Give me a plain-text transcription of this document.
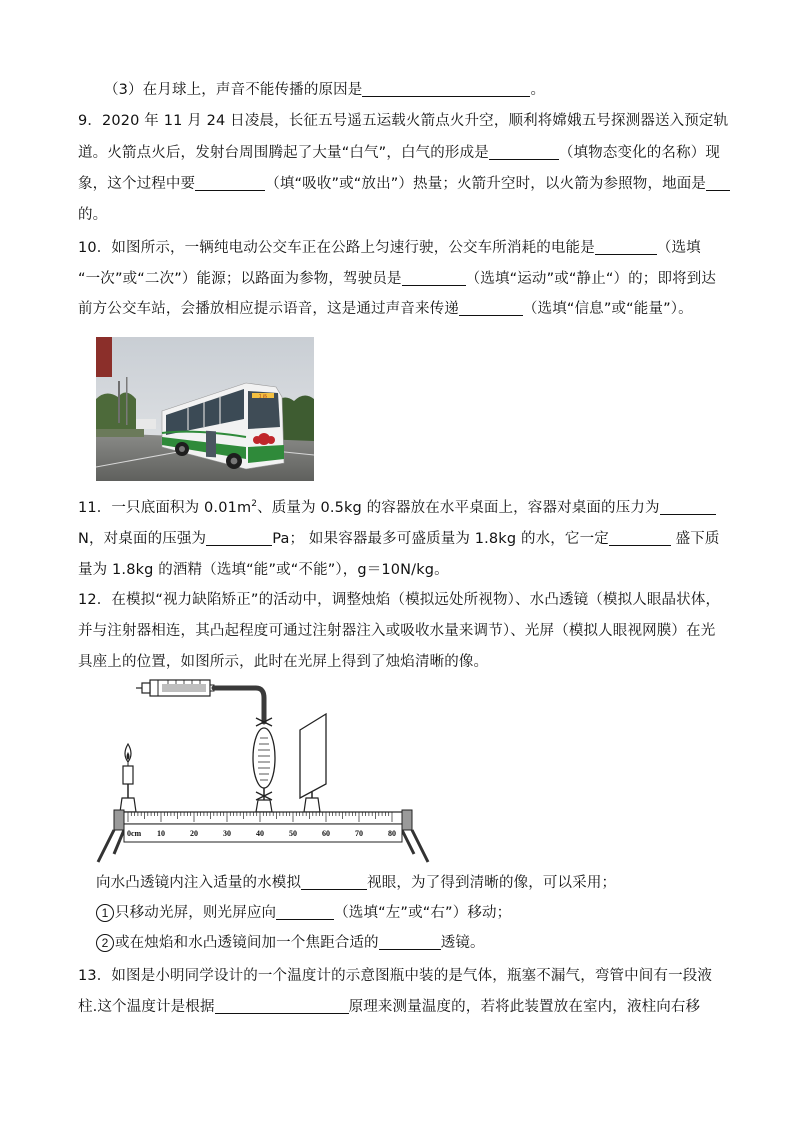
（3）在月球上，声音不能传播的原因是	。
9．2020 年 11 月 24 日凌晨，长征五号遥五运载火箭点火升空，顺利将嫦娥五号探测器送入预定轨
道。火箭点火后，发射台周围腾起了大量“白气”，白气的形成是	（填物态变化的名称）现
象，这个过程中要	（填“吸收”或“放出”）热量；火箭升空时，以火箭为参照物，地面是
的。
10．如图所示，一辆纯电动公交车正在公路上匀速行驶，公交车所消耗的电能是	（选填
“一次”或“二次”）能源；以路面为参物，驾驶员是	（选填“运动”或“静止“）的；即将到达
前方公交车站，会播放相应提示语音，这是通过声音来传递	（选填“信息”或“能量”）。
1 路
11．一只底面积为 $0.01m^2$、质量为 0.5kg 的容器放在水平桌面上，容器对桌面的压力为
N，对桌面的压强为	Pa； 如果容器最多可盛质量为 1.8kg 的水，它一定	盛下质
量为 1.8kg 的酒精（选填“能”或“不能”），g＝10N/kg。
12．在模拟“视力缺陷矫正”的活动中，调整烛焰（模拟远处所视物）、水凸透镜（模拟人眼晶状体，
并与注射器相连，其凸起程度可通过注射器注入或吸收水量来调节）、光屏（模拟人眼视网膜）在光
具座上的位置，如图所示，此时在光屏上得到了烛焰清晰的像。
0cm 10	20	30	40	50	60	70	80
向水凸透镜内注入适量的水模拟	视眼，为了得到清晰的像，可以采用；
1 只移动光屏，则光屏应向	（选填“左”或“右”）移动；
2 或在烛焰和水凸透镜间加一个焦距合适的	透镜。
13．如图是小明同学设计的一个温度计的示意图瓶中装的是气体，瓶塞不漏气，弯管中间有一段液
柱.这个温度计是根据	原理来测量温度的，若将此装置放在室内，液柱向右移
